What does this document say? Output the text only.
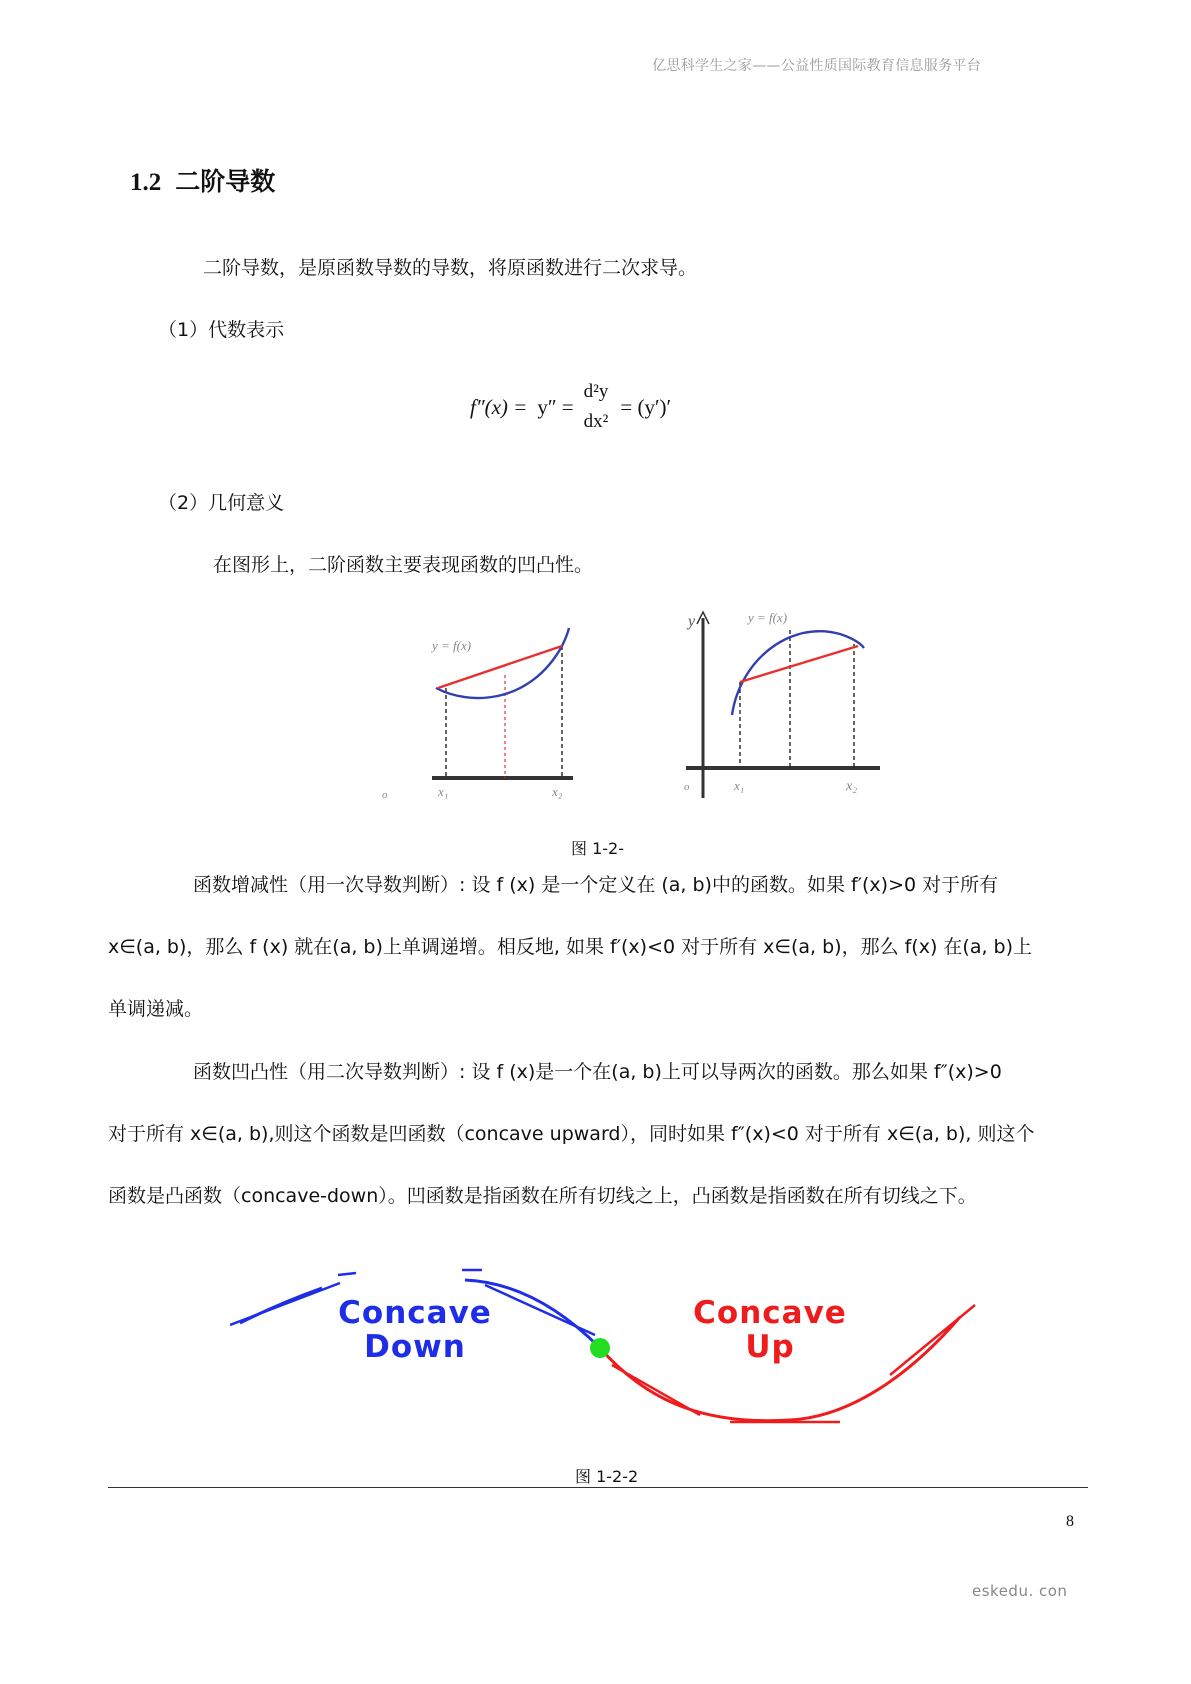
亿思科学生之家——公益性质国际教育信息服务平台
1.2 二阶导数
二阶导数，是原函数导数的导数，将原函数进行二次求导。
（1）代数表示
f″(x) = y″ =
d²y
dx²
= (y′)′
（2）几何意义
在图形上，二阶函数主要表现函数的凹凸性。
y = f(x)
o	x₁	x₂
y	y = f(x)
o	x₁	x₂
图 1-2-
函数增减性（用一次导数判断）: 设 f (x) 是一个定义在 (a, b)中的函数。如果 f′(x)>0 对于所有
x∈(a, b)，那么 f (x) 就在(a, b)上单调递增。相反地, 如果 f′(x)<0 对于所有 x∈(a, b)，那么 f(x) 在(a, b)上
单调递减。
函数凹凸性（用二次导数判断）: 设 f (x)是一个在(a, b)上可以导两次的函数。那么如果 f″(x)>0
对于所有 x∈(a, b),则这个函数是凹函数（concave upward），同时如果 f″(x)<0 对于所有 x∈(a, b), 则这个
函数是凸函数（concave-down）。凹函数是指函数在所有切线之上，凸函数是指函数在所有切线之下。
Concave
Down
Concave
Up
图 1-2-2
8
eskedu. con
